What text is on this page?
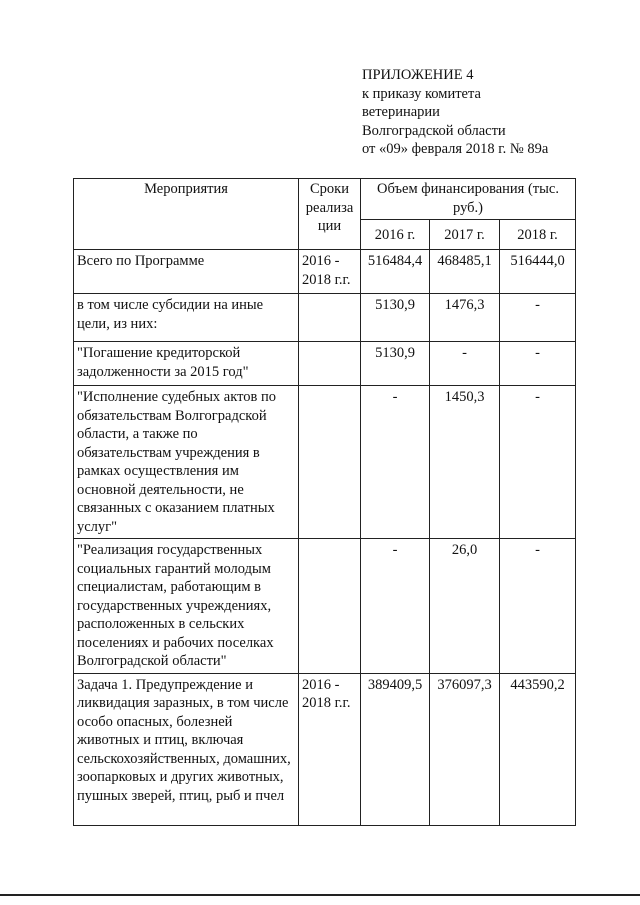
ПРИЛОЖЕНИЕ 4
к приказу комитета
ветеринарии
Волгоградской области
от «09» февраля 2018 г. № 89а
Мероприятия	Сроки реализа ции	Объем финансирования (тыс. руб.)		
		2016 г.	2017 г.	2018 г.
Всего по Программе	2016 - 2018 г.г.	516484,4	468485,1	516444,0
в том числе субсидии на иные цели, из них:		5130,9	1476,3	-
"Погашение кредиторской задолженности за 2015 год"		5130,9	-	-
"Исполнение судебных актов по обязательствам Волгоградской области, а также по обязательствам учреждения в рамках осуществления им основной деятельности, не связанных с оказанием платных услуг"		-	1450,3	-
"Реализация государственных социальных гарантий молодым специалистам, работающим в государственных учреждениях, расположенных в сельских поселениях и рабочих поселках Волгоградской области"		-	26,0	-
Задача 1. Предупреждение и ликвидация заразных, в том числе особо опасных, болезней животных и птиц, включая сельскохозяйственных, домашних, зоопарковых и других животных, пушных зверей, птиц, рыб и пчел	2016 - 2018 г.г.	389409,5	376097,3	443590,2
